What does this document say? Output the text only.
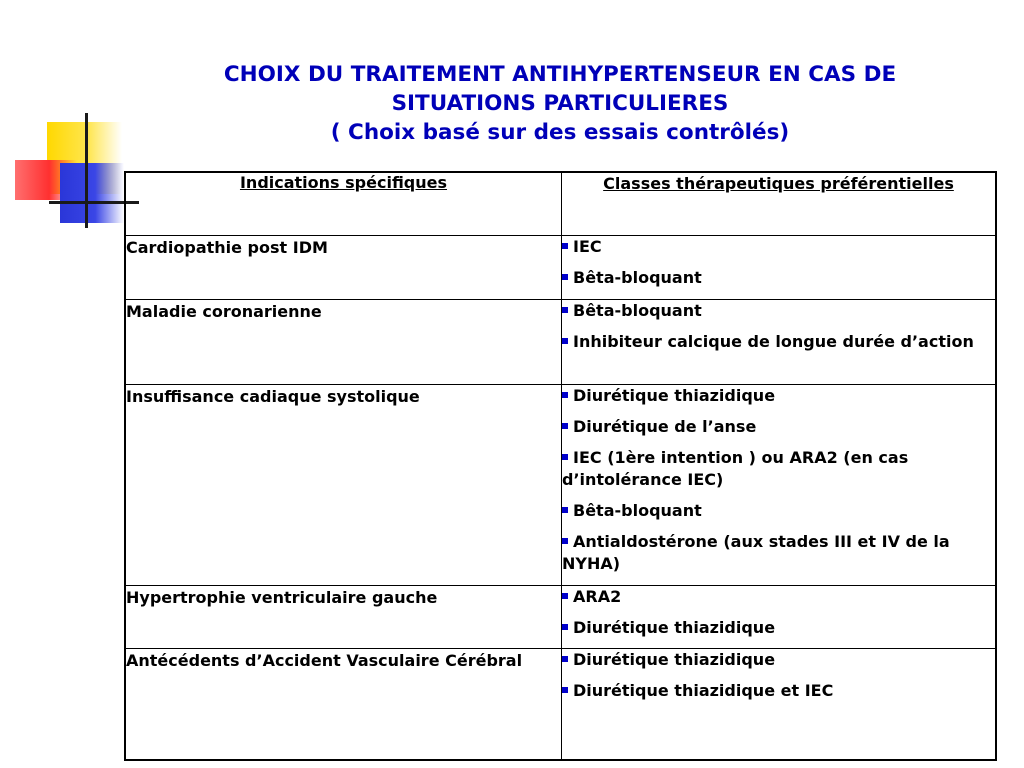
CHOIX DU TRAITEMENT ANTIHYPERTENSEUR EN CAS DE
SITUATIONS PARTICULIERES
( Choix basé sur des essais contrôlés)
Indications spécifiques	Classes thérapeutiques préférentielles
Cardiopathie post IDM	IEC
Bêta-bloquant

Maladie coronarienne	Bêta-bloquant
Inhibiteur calcique de longue durée d’action

Insuffisance cadiaque systolique	Diurétique thiazidique
Diurétique de l’anse
IEC (1ère intention ) ou ARA2 (en cas d’intolérance IEC)
Bêta-bloquant
Antialdostérone (aux stades III et IV de la NYHA)

Hypertrophie ventriculaire gauche	ARA2
Diurétique thiazidique

Antécédents d’Accident Vasculaire Cérébral	Diurétique thiazidique
Diurétique thiazidique et IEC
